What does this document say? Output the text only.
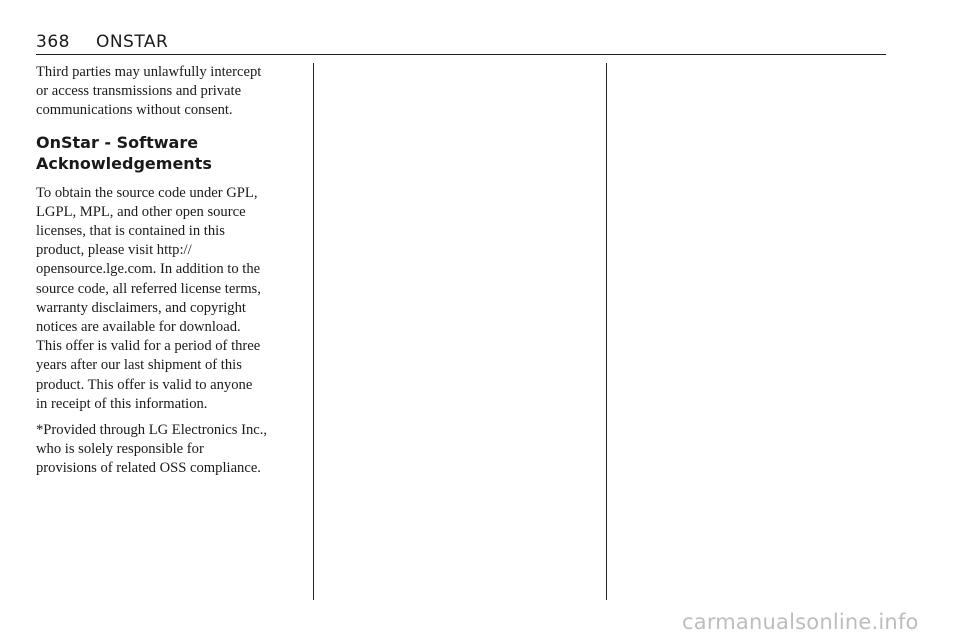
368 ONSTAR

Third parties may unlawfully intercept
or access transmissions and private
communications without consent.

OnStar - Software
Acknowledgements

To obtain the source code under GPL,
LGPL, MPL, and other open source
licenses, that is contained in this
product, please visit http://
opensource.lge.com. In addition to the
source code, all referred license terms,
warranty disclaimers, and copyright
notices are available for download.
This offer is valid for a period of three
years after our last shipment of this
product. This offer is valid to anyone
in receipt of this information.

*Provided through LG Electronics Inc.,
who is solely responsible for
provisions of related OSS compliance.

carmanualsonline.info
